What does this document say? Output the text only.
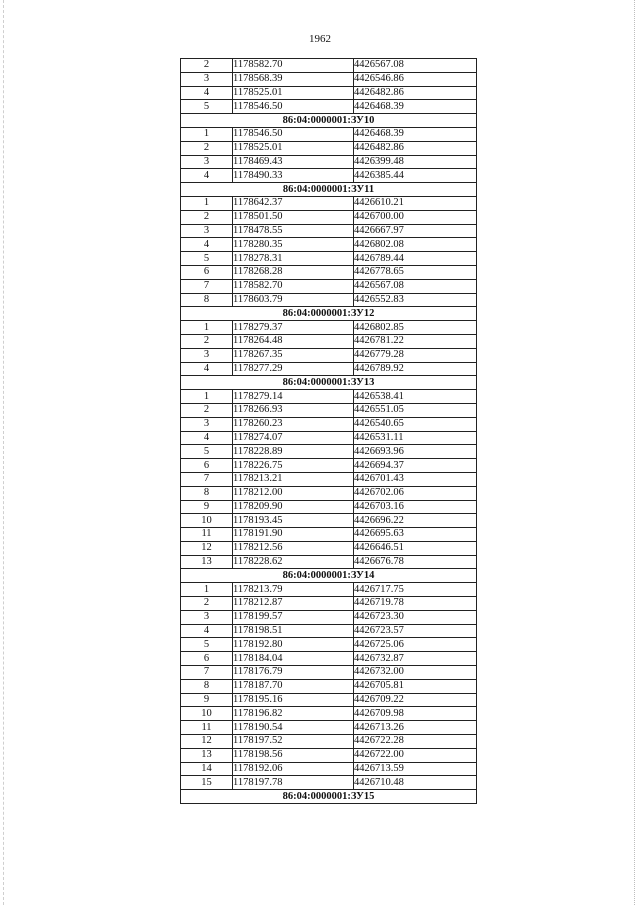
1962
2	1178582.70	4426567.08
3	1178568.39	4426546.86
4	1178525.01	4426482.86
5	1178546.50	4426468.39
86:04:0000001:ЗУ10		
1	1178546.50	4426468.39
2	1178525.01	4426482.86
3	1178469.43	4426399.48
4	1178490.33	4426385.44
86:04:0000001:ЗУ11		
1	1178642.37	4426610.21
2	1178501.50	4426700.00
3	1178478.55	4426667.97
4	1178280.35	4426802.08
5	1178278.31	4426789.44
6	1178268.28	4426778.65
7	1178582.70	4426567.08
8	1178603.79	4426552.83
86:04:0000001:ЗУ12		
1	1178279.37	4426802.85
2	1178264.48	4426781.22
3	1178267.35	4426779.28
4	1178277.29	4426789.92
86:04:0000001:ЗУ13		
1	1178279.14	4426538.41
2	1178266.93	4426551.05
3	1178260.23	4426540.65
4	1178274.07	4426531.11
5	1178228.89	4426693.96
6	1178226.75	4426694.37
7	1178213.21	4426701.43
8	1178212.00	4426702.06
9	1178209.90	4426703.16
10	1178193.45	4426696.22
11	1178191.90	4426695.63
12	1178212.56	4426646.51
13	1178228.62	4426676.78
86:04:0000001:ЗУ14		
1	1178213.79	4426717.75
2	1178212.87	4426719.78
3	1178199.57	4426723.30
4	1178198.51	4426723.57
5	1178192.80	4426725.06
6	1178184.04	4426732.87
7	1178176.79	4426732.00
8	1178187.70	4426705.81
9	1178195.16	4426709.22
10	1178196.82	4426709.98
11	1178190.54	4426713.26
12	1178197.52	4426722.28
13	1178198.56	4426722.00
14	1178192.06	4426713.59
15	1178197.78	4426710.48
86:04:0000001:ЗУ15		
